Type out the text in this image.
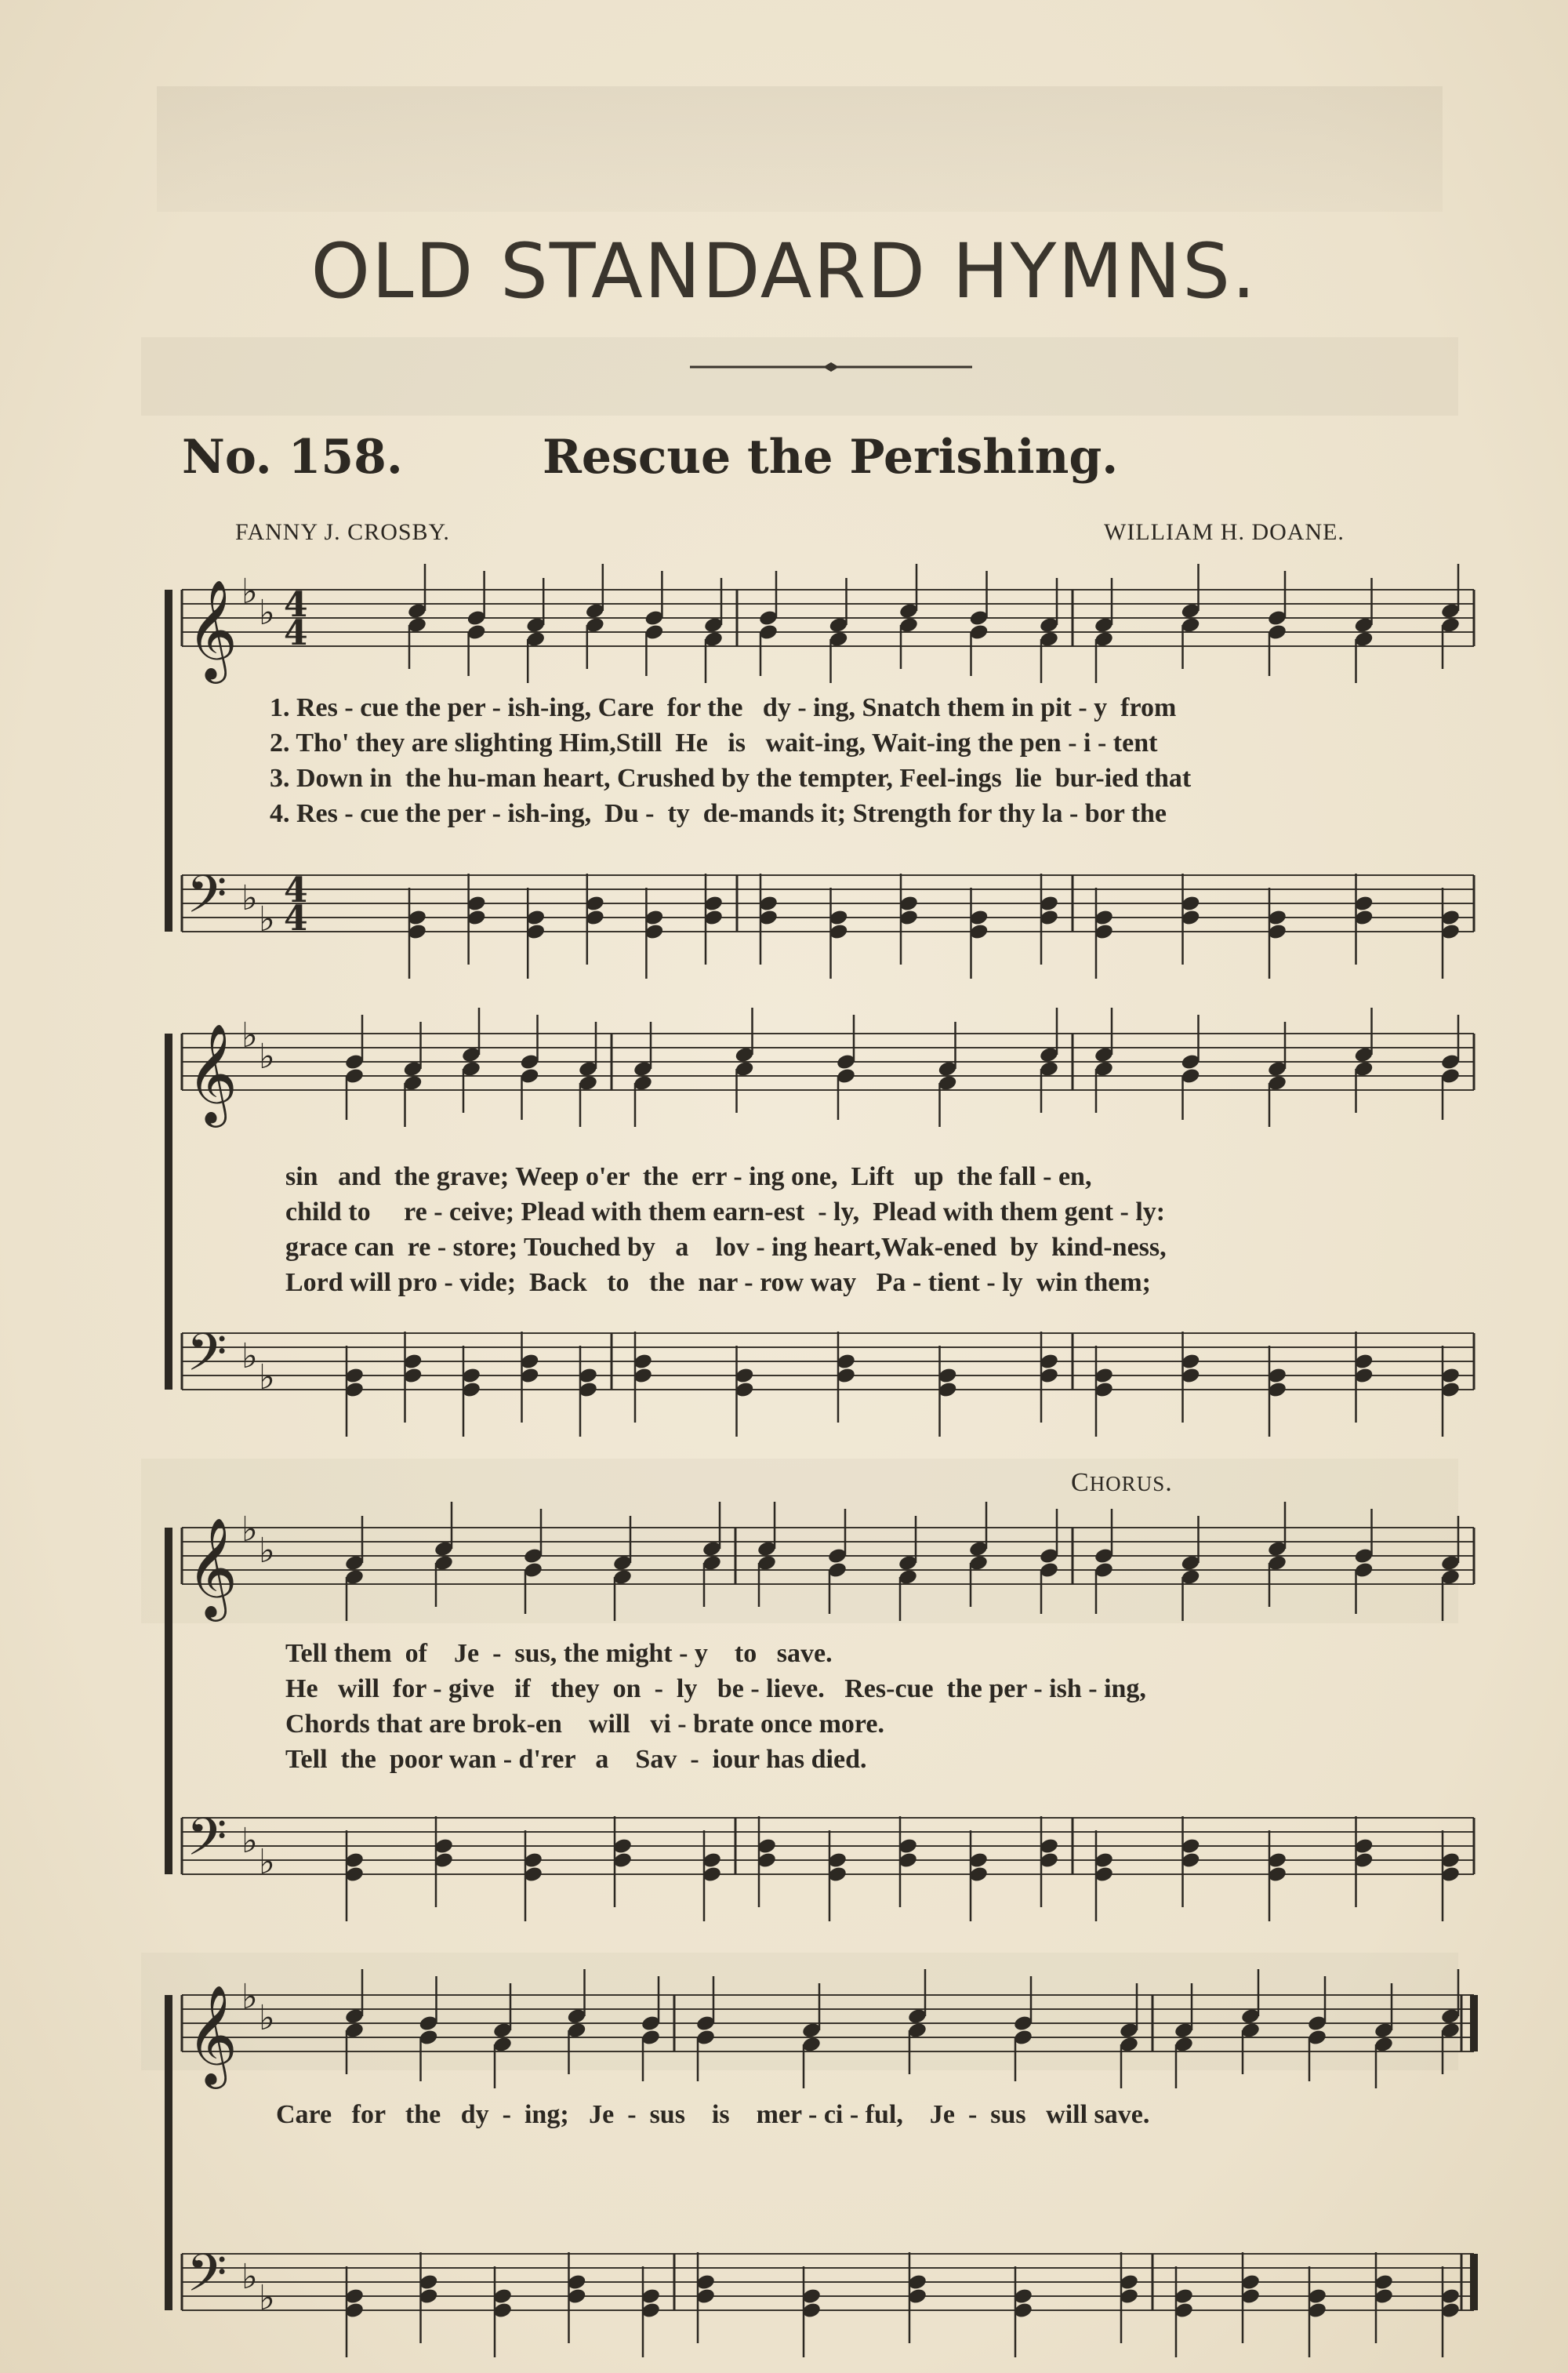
OLD STANDARD HYMNS.
No. 158.	Rescue the Perishing.
FANNY J. CROSBY.	WILLIAM H. DOANE.
𝄞 ♭
♭ 4
4
𝄢 ♭
♭
4
4
𝄞 ♭
♭
𝄢 ♭
♭
𝄞 ♭
♭
𝄢 ♭
♭
𝄞 ♭
♭
𝄢 ♭
♭
CHORUS.
1. Res - cue the per - ish-ing, Care  for the   dy - ing, Snatch them in pit - y  from
2. Tho' they are slighting Him,Still  He   is   wait-ing, Wait-ing the pen - i - tent
3. Down in  the hu-man heart, Crushed by the tempter, Feel-ings  lie  bur-ied that
4. Res - cue the per - ish-ing,  Du -  ty  de-mands it; Strength for thy la - bor the
sin   and  the grave; Weep o'er  the  err - ing one,  Lift   up  the fall - en,
child to     re - ceive; Plead with them earn-est  - ly,  Plead with them gent - ly:
grace can  re - store; Touched by   a    lov - ing heart,Wak-ened  by  kind-ness,
Lord will pro - vide;  Back   to   the  nar - row way   Pa - tient - ly  win them;
Tell them  of    Je  -  sus, the might - y    to   save.
He   will  for - give   if   they  on  -  ly   be - lieve.   Res-cue  the per - ish - ing,
Chords that are brok-en    will   vi - brate once more.
Tell  the  poor wan - d'rer   a    Sav  -  iour has died.
Care   for   the   dy  -  ing;   Je  -  sus    is    mer - ci - ful,    Je  -  sus   will save.
